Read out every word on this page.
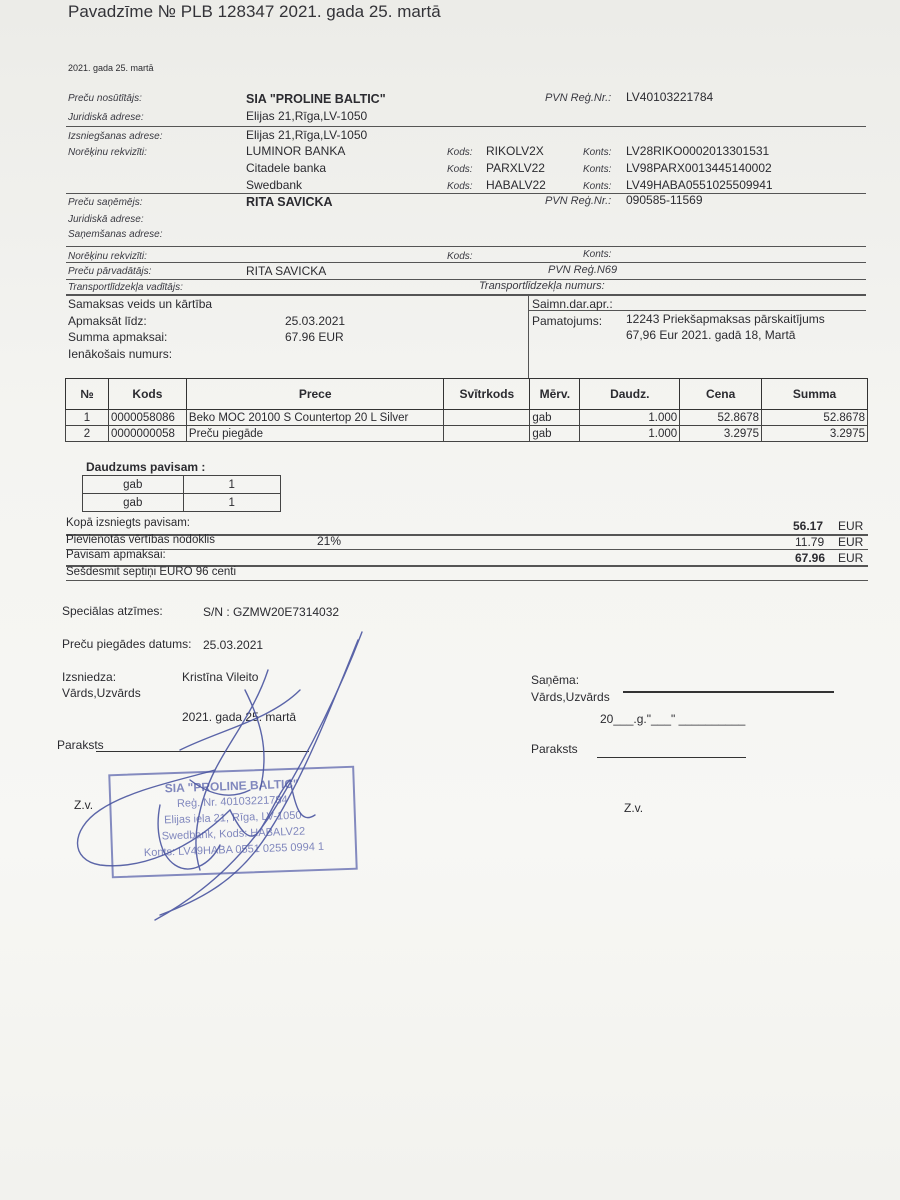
Pavadzīme № PLB 128347 2021. gada 25. martā
2021. gada 25. martā
Preču nosūtītājs:	SIA "PROLINE BALTIC"	PVN Reģ.Nr.: LV40103221784
Juridiskā adrese:	Elijas 21,Rīga,LV-1050
Izsniegšanas adrese:	Elijas 21,Rīga,LV-1050
Norēķinu rekvizīti:	LUMINOR BANKA	Kods: RIKOLV2X	Konts: LV28RIKO0002013301531
Citadele banka	Kods: PARXLV22	Konts: LV98PARX0013445140002
Swedbank	Kods: HABALV22	Konts: LV49HABA0551025509941
Preču saņēmējs:	RITA SAVICKA	PVN Reģ.Nr.: 090585-11569
Juridiskā adrese:
Saņemšanas adrese:
Norēķinu rekvizīti:	Kods:	Konts:
Preču pārvadātājs:	RITA SAVICKA	PVN Reģ.N69
Transportlīdzekļa vadītājs:	Transportlīdzekļa numurs:
Samaksas veids un kārtība
Apmaksāt līdz:	25.03.2021
Summa apmaksai:	67.96 EUR
Ienākošais numurs:
Saimn.dar.apr.:
Pamatojums: 12243 Priekšapmaksas pārskaitījums
67,96 Eur 2021. gadā 18, Martā
№	Kods	Prece	Svītrkods	Mērv.	Daudz.	Cena	Summa
1	0000058086	Beko MOC 20100 S Countertop 20 L Silver		gab	1.000	52.8678	52.8678
2	0000000058	Preču piegāde		gab	1.000	3.2975	3.2975
Daudzums pavisam :
gab	1
gab	1
Kopā izsniegts pavisam:	56.17 EUR
Pievienotās vērtības nodoklis	21%	11.79 EUR
Pavisam apmaksai:	67.96 EUR
Sešdesmit septiņi EURO 96 centi
Speciālas atzīmes:	S/N : GZMW20E7314032
Preču piegādes datums: 25.03.2021
Izsniedza:	Kristīna Vileito
Vārds,Uzvārds
2021. gada 25. martā
Paraksts
Z.v.
Saņēma:
Vārds,Uzvārds
20___.g."___" __________
Paraksts
Z.v.
SIA "PROLINE BALTIC"
Reģ. Nr. 40103221784
Elijas iela 21, Rīga, LV-1050
Swedbank, Kods: HABALV22
Konts: LV49HABA 0551 0255 0994 1
